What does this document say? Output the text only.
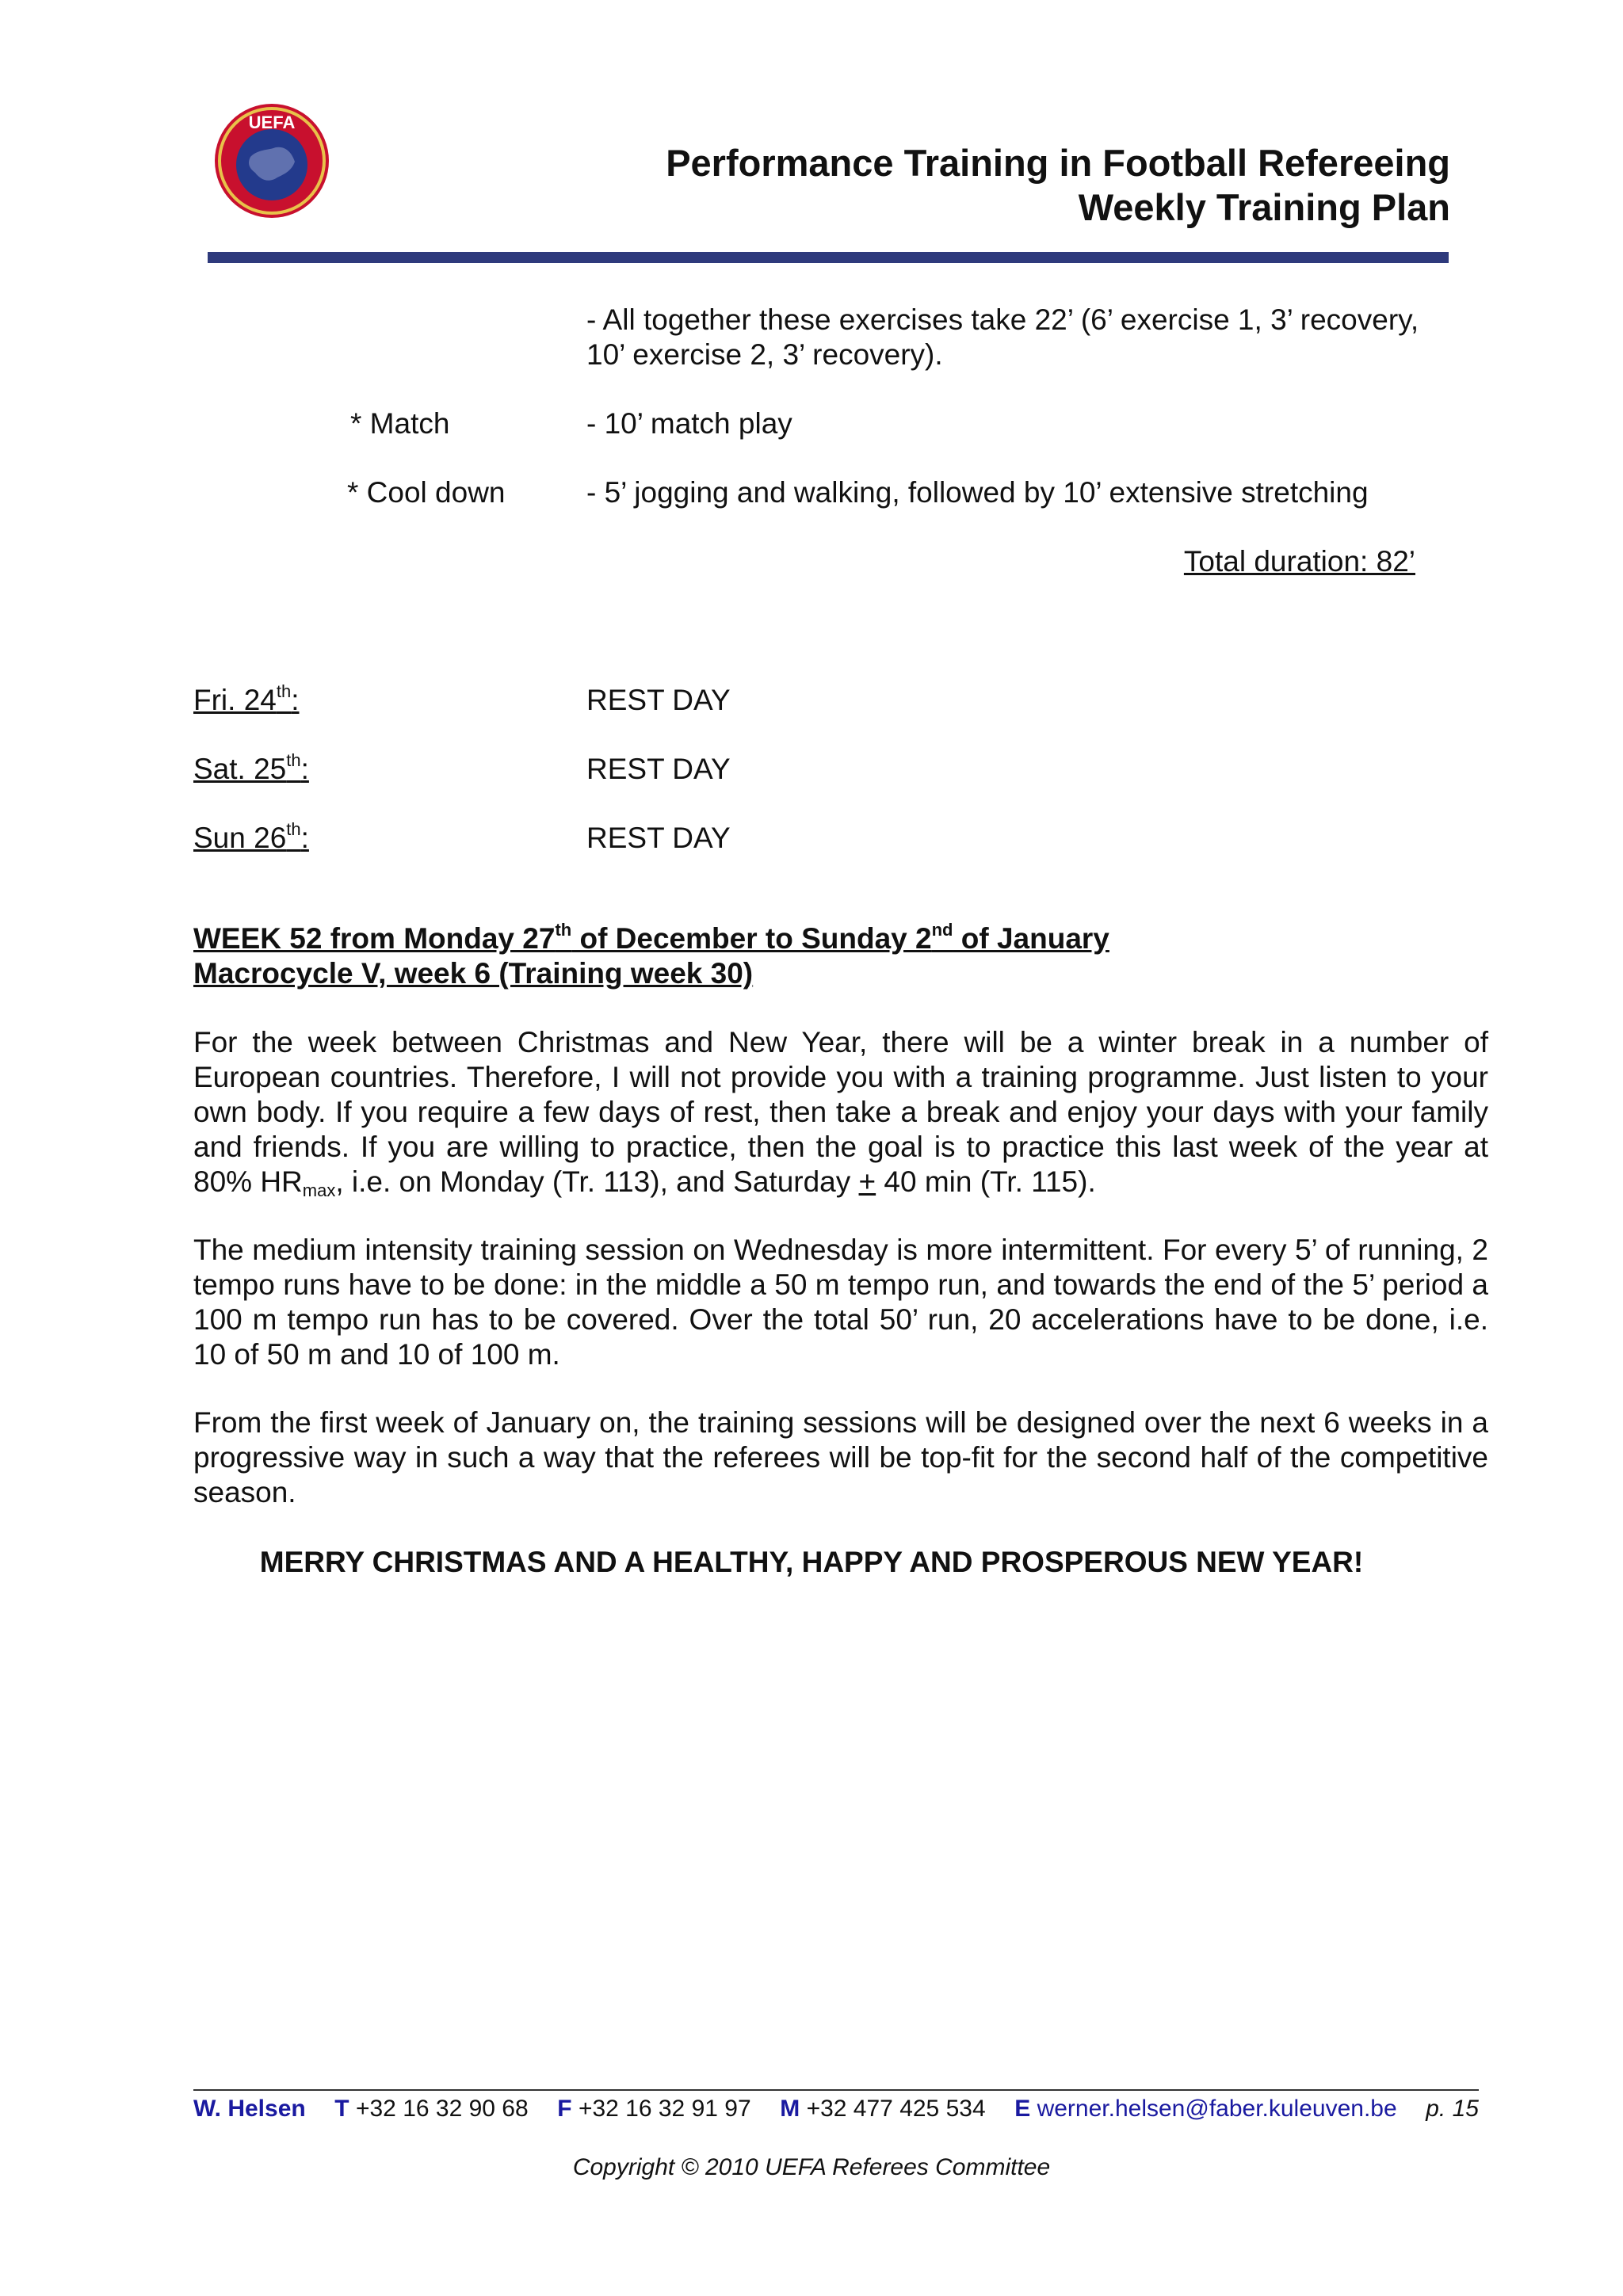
UEFA
Performance Training in Football Refereeing
Weekly Training Plan
- All together these exercises take 22’ (6’ exercise 1, 3’ recovery,
10’ exercise 2, 3’ recovery).
* Match	- 10’ match play
* Cool down	- 5’ jogging and walking, followed by 10’ extensive stretching
Total duration: 82’
Fri. 24th:	REST DAY
Sat. 25th:	REST DAY
Sun 26th:	REST DAY
WEEK 52 from Monday 27th of December to Sunday 2nd of January
Macrocycle V, week 6 (Training week 30)
For the week between Christmas and New Year, there will be a winter break in a number of European countries. Therefore, I will not provide you with a training programme. Just listen to your own body. If you require a few days of rest, then take a break and enjoy your days with your family and friends. If you are willing to practice, then the goal is to practice this last week of the year at 80% $HR_{max}$, i.e. on Monday (Tr. 113), and Saturday + 40 min (Tr. 115).
The medium intensity training session on Wednesday is more intermittent. For every 5’ of running, 2 tempo runs have to be done: in the middle a 50 m tempo run, and towards the end of the 5’ period a 100 m tempo run has to be covered. Over the total 50’ run, 20 accelerations have to be done, i.e. 10 of 50 m and 10 of 100 m.
From the first week of January on, the training sessions will be designed over the next 6 weeks in a progressive way in such a way that the referees will be top-fit for the second half of the competitive season.
MERRY CHRISTMAS AND A HEALTHY, HAPPY AND PROSPEROUS NEW YEAR!
W. Helsen T +32 16 32 90 68 F +32 16 32 91 97 M +32 477 425 534 E werner.helsen@faber.kuleuven.be p. 15
Copyright © 2010 UEFA Referees Committee
